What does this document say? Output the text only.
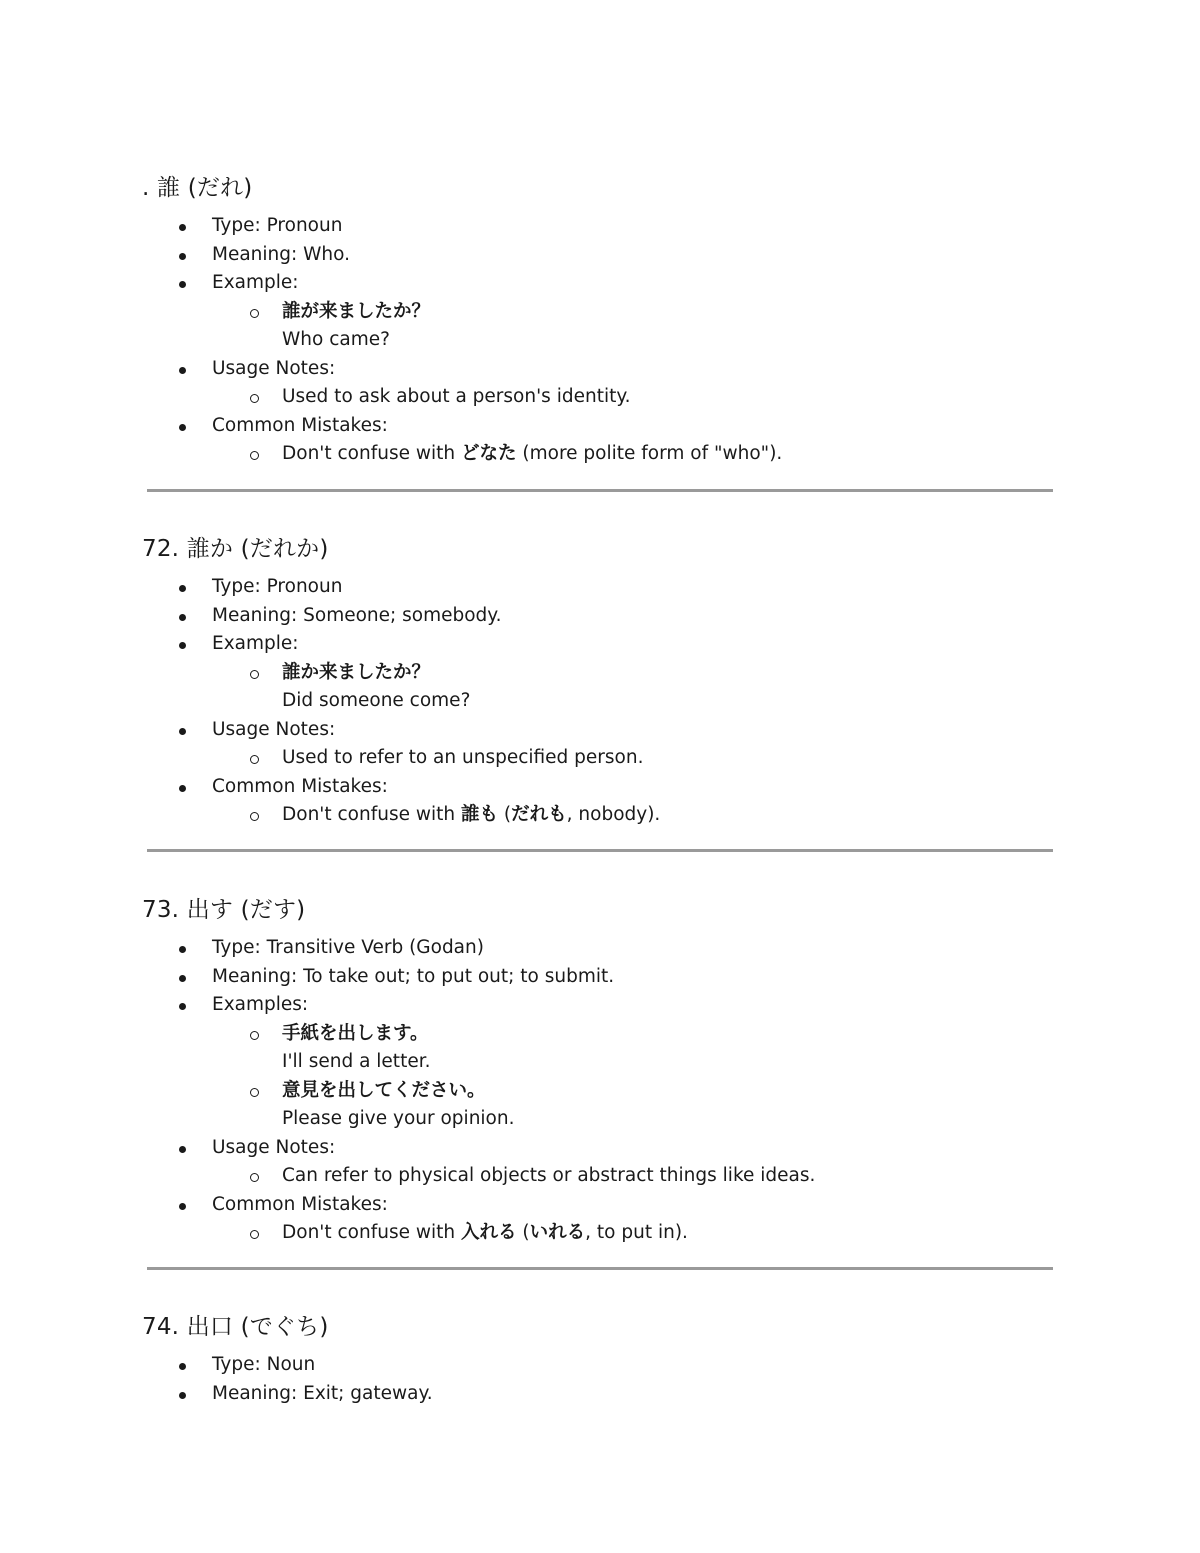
. 誰 (だれ)
Type: Pronoun
Meaning: Who.
Example:
誰が来ましたか？
Who came?
Usage Notes:
Used to ask about a person's identity.
Common Mistakes:
Don't confuse with どなた (more polite form of "who").
72. 誰か (だれか)
Type: Pronoun
Meaning: Someone; somebody.
Example:
誰か来ましたか？
Did someone come?
Usage Notes:
Used to refer to an unspecified person.
Common Mistakes:
Don't confuse with 誰も (だれも, nobody).
73. 出す (だす)
Type: Transitive Verb (Godan)
Meaning: To take out; to put out; to submit.
Examples:
手紙を出します。
I'll send a letter.
意見を出してください。
Please give your opinion.
Usage Notes:
Can refer to physical objects or abstract things like ideas.
Common Mistakes:
Don't confuse with 入れる (いれる, to put in).
74. 出口 (でぐち)
Type: Noun
Meaning: Exit; gateway.
